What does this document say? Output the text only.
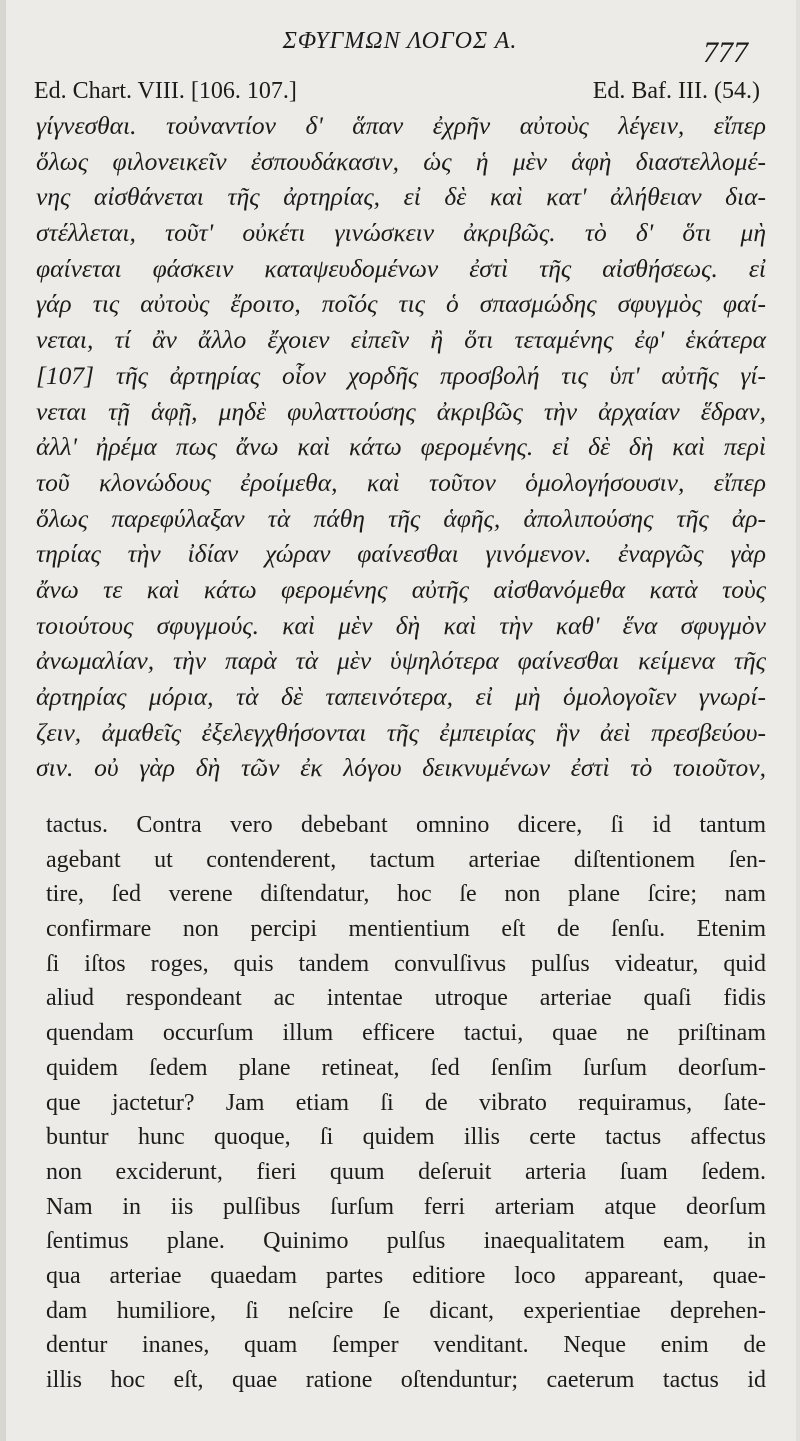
ΣΦΥΓΜΩΝ ΛΟΓΟΣ Α.	777
Ed. Chart. VIII. [106. 107.]	Ed. Baf. III. (54.)
γίγνεσθαι. τοὐναντίον δ' ἅπαν ἐχρῆν αὐτοὺς λέγειν, εἴπερ
ὅλως φιλονεικεῖν ἐσπουδάκασιν, ὡς ἡ μὲν ἁφὴ διαστελλομέ-
νης αἰσθάνεται τῆς ἀρτηρίας, εἰ δὲ καὶ κατ' ἀλήθειαν δια-
στέλλεται, τοῦτ' οὐκέτι γινώσκειν ἀκριβῶς. τὸ δ' ὅτι μὴ
φαίνεται φάσκειν καταψευδομένων ἐστὶ τῆς αἰσθήσεως. εἰ
γάρ τις αὐτοὺς ἔροιτο, ποῖός τις ὁ σπασμώδης σφυγμὸς φαί-
νεται, τί ἂν ἄλλο ἔχοιεν εἰπεῖν ἢ ὅτι τεταμένης ἐφ' ἑκάτερα
[107] τῆς ἀρτηρίας οἷον χορδῆς προσβολή τις ὑπ' αὐτῆς γί-
νεται τῇ ἁφῇ, μηδὲ φυλαττούσης ἀκριβῶς τὴν ἀρχαίαν ἕδραν,
ἀλλ' ἠρέμα πως ἄνω καὶ κάτω φερομένης. εἰ δὲ δὴ καὶ περὶ
τοῦ κλονώδους ἐροίμεθα, καὶ τοῦτον ὁμολογήσουσιν, εἴπερ
ὅλως παρεφύλαξαν τὰ πάθη τῆς ἁφῆς, ἀπολιπούσης τῆς ἀρ-
τηρίας τὴν ἰδίαν χώραν φαίνεσθαι γινόμενον. ἐναργῶς γὰρ
ἄνω τε καὶ κάτω φερομένης αὐτῆς αἰσθανόμεθα κατὰ τοὺς
τοιούτους σφυγμούς. καὶ μὲν δὴ καὶ τὴν καθ' ἕνα σφυγμὸν
ἀνωμαλίαν, τὴν παρὰ τὰ μὲν ὑψηλότερα φαίνεσθαι κείμενα τῆς
ἀρτηρίας μόρια, τὰ δὲ ταπεινότερα, εἰ μὴ ὁμολογοῖεν γνωρί-
ζειν, ἀμαθεῖς ἐξελεγχθήσονται τῆς ἐμπειρίας ἣν ἀεὶ πρεσβεύου-
σιν. οὐ γὰρ δὴ τῶν ἐκ λόγου δεικνυμένων ἐστὶ τὸ τοιοῦτον,
tactus. Contra vero debebant omnino dicere, ſi id tantum
agebant ut contenderent, tactum arteriae diſtentionem ſen-
tire, ſed verene diſtendatur, hoc ſe non plane ſcire; nam
confirmare non percipi mentientium eſt de ſenſu. Etenim
ſi iſtos roges, quis tandem convulſivus pulſus videatur, quid
aliud respondeant ac intentae utroque arteriae quaſi fidis
quendam occurſum illum efficere tactui, quae ne priſtinam
quidem ſedem plane retineat, ſed ſenſim ſurſum deorſum-
que jactetur? Jam etiam ſi de vibrato requiramus, ſate-
buntur hunc quoque, ſi quidem illis certe tactus affectus
non exciderunt, fieri quum deſeruit arteria ſuam ſedem.
Nam in iis pulſibus ſurſum ferri arteriam atque deorſum
ſentimus plane. Quinimo pulſus inaequalitatem eam, in
qua arteriae quaedam partes editiore loco appareant, quae-
dam humiliore, ſi neſcire ſe dicant, experientiae deprehen-
dentur inanes, quam ſemper venditant. Neque enim de
illis hoc eſt, quae ratione oſtenduntur; caeterum tactus id
